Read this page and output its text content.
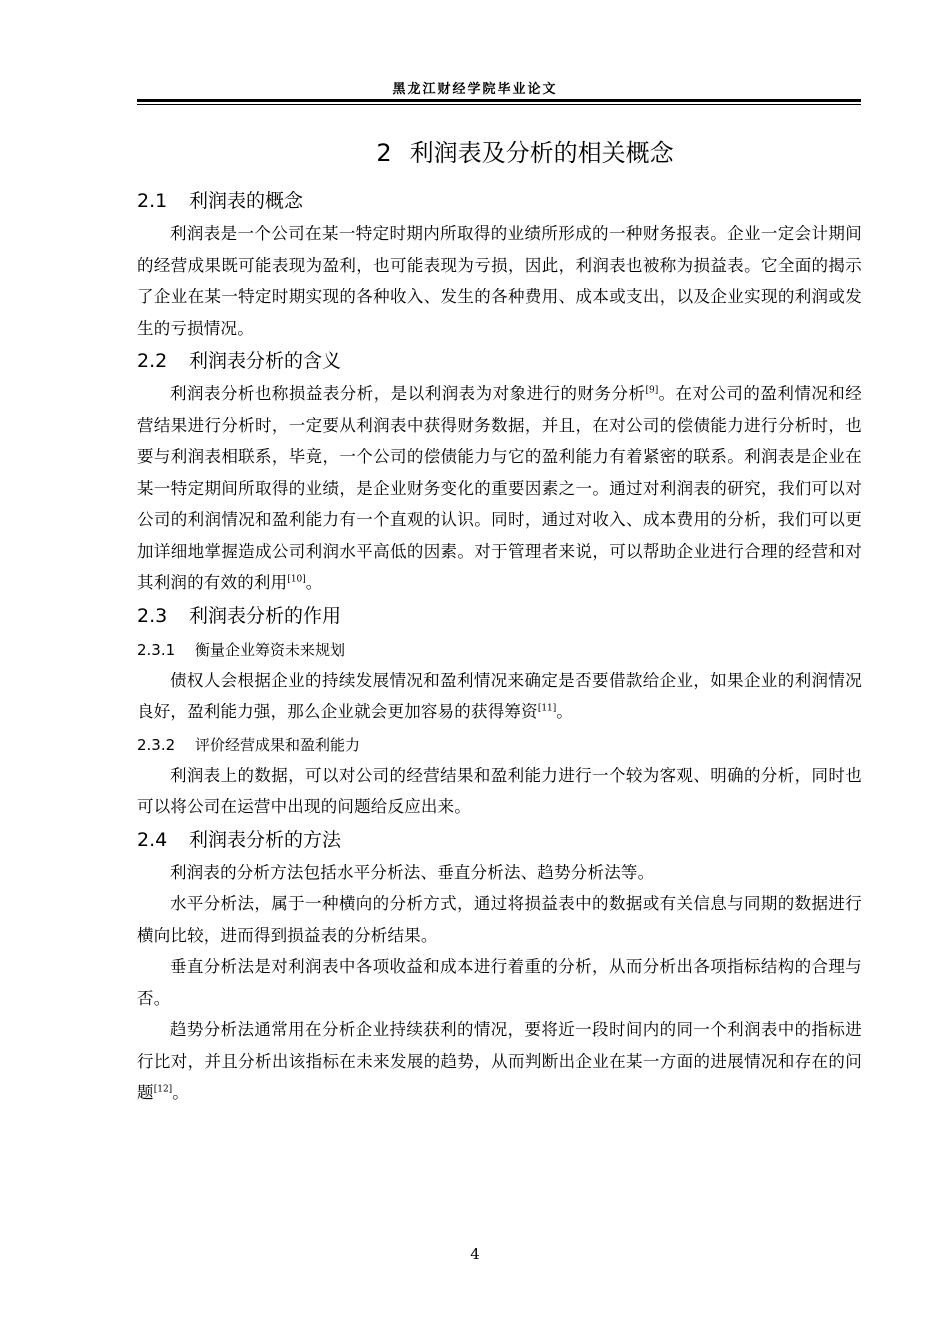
黑龙江财经学院毕业论文
2 利润表及分析的相关概念
2.1 利润表的概念

利润表是一个公司在某一特定时期内所取得的业绩所形成的一种财务报表。企业一定会计期间的经营成果既可能表现为盈利，也可能表现为亏损，因此，利润表也被称为损益表。它全面的揭示了企业在某一特定时期实现的各种收入、发生的各种费用、成本或支出，以及企业实现的利润或发生的亏损情况。

2.2 利润表分析的含义

利润表分析也称损益表分析，是以利润表为对象进行的财务分析[9]。在对公司的盈利情况和经营结果进行分析时，一定要从利润表中获得财务数据，并且，在对公司的偿债能力进行分析时，也要与利润表相联系，毕竟，一个公司的偿债能力与它的盈利能力有着紧密的联系。利润表是企业在某一特定期间所取得的业绩，是企业财务变化的重要因素之一。通过对利润表的研究，我们可以对公司的利润情况和盈利能力有一个直观的认识。同时，通过对收入、成本费用的分析，我们可以更加详细地掌握造成公司利润水平高低的因素。对于管理者来说，可以帮助企业进行合理的经营和对其利润的有效的利用[10]。

2.3 利润表分析的作用
2.3.1 衡量企业筹资未来规划

债权人会根据企业的持续发展情况和盈利情况来确定是否要借款给企业，如果企业的利润情况良好，盈利能力强，那么企业就会更加容易的获得筹资[11]。

2.3.2 评价经营成果和盈利能力

利润表上的数据，可以对公司的经营结果和盈利能力进行一个较为客观、明确的分析，同时也可以将公司在运营中出现的问题给反应出来。

2.4 利润表分析的方法

利润表的分析方法包括水平分析法、垂直分析法、趋势分析法等。

水平分析法，属于一种横向的分析方式，通过将损益表中的数据或有关信息与同期的数据进行横向比较，进而得到损益表的分析结果。

垂直分析法是对利润表中各项收益和成本进行着重的分析，从而分析出各项指标结构的合理与否。

趋势分析法通常用在分析企业持续获利的情况，要将近一段时间内的同一个利润表中的指标进行比对，并且分析出该指标在未来发展的趋势，从而判断出企业在某一方面的进展情况和存在的问题[12]。

4
